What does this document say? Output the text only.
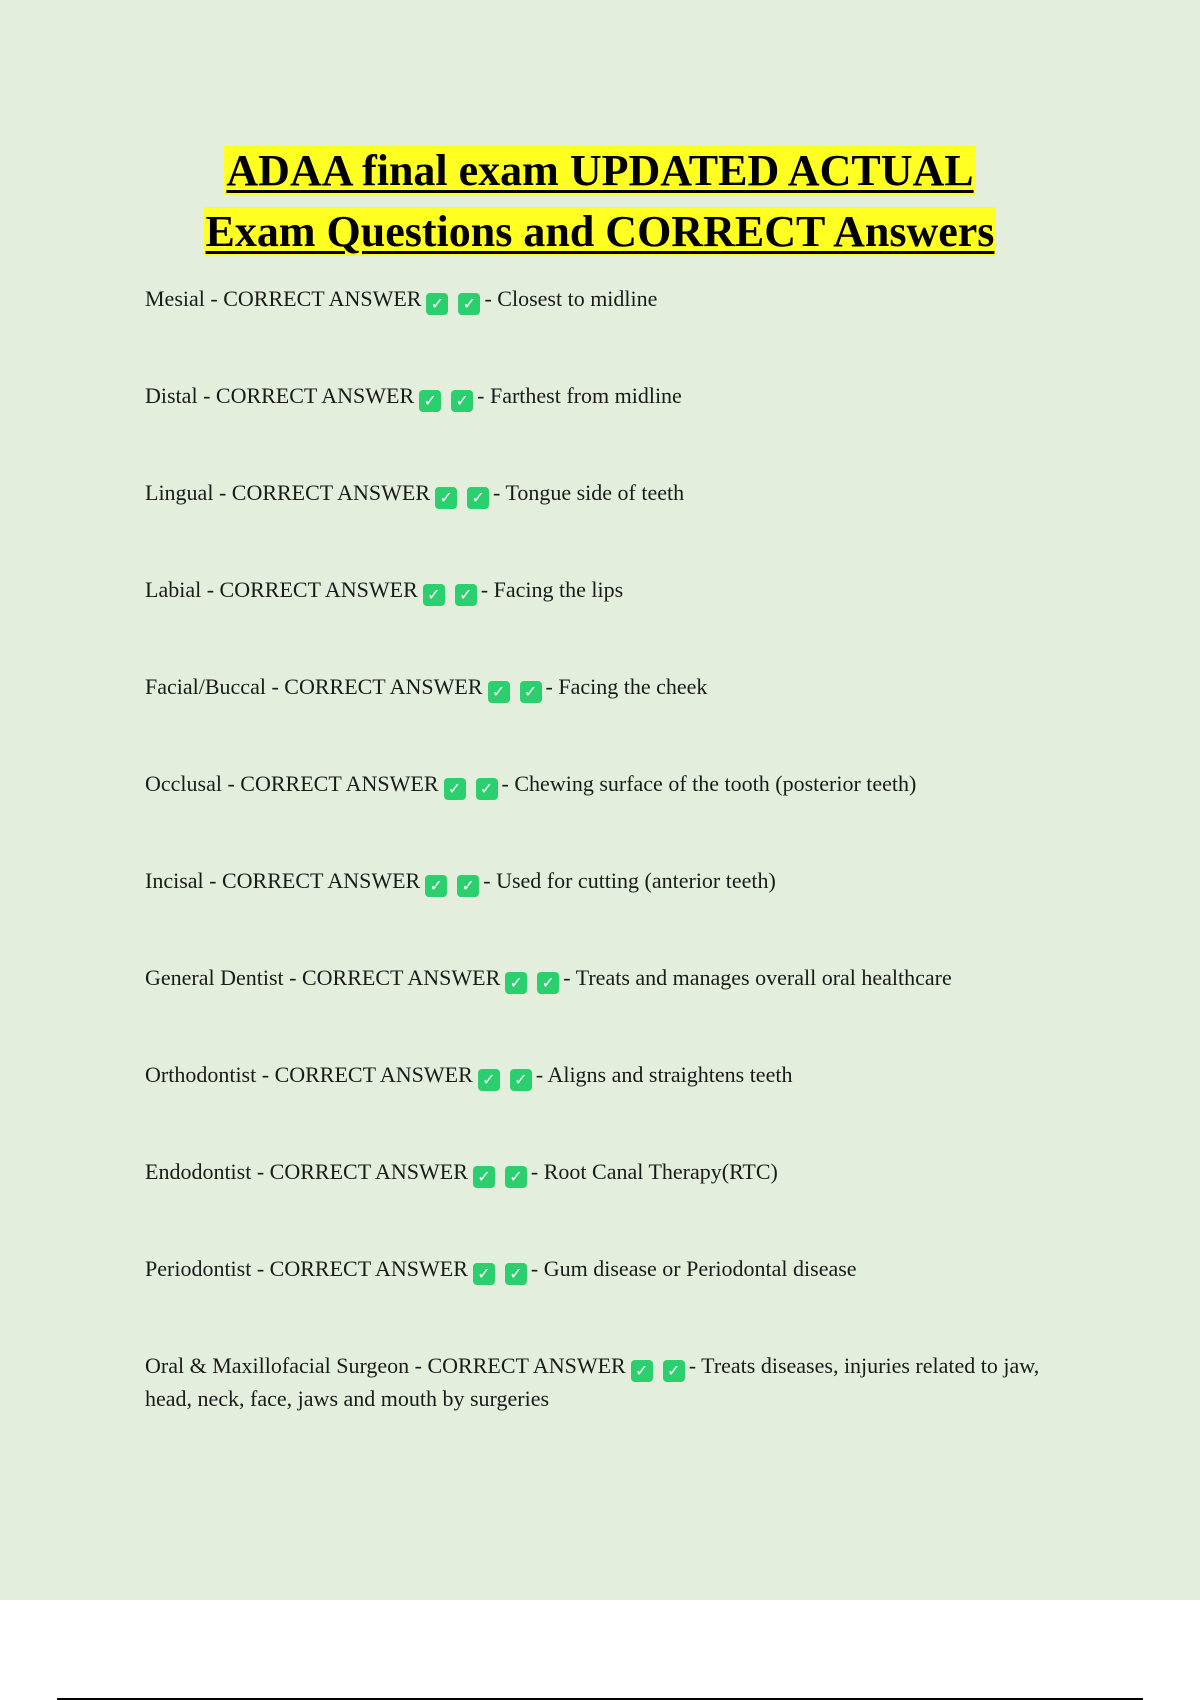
ADAA final exam UPDATED ACTUAL
Exam Questions and CORRECT Answers
Mesial - CORRECT ANSWER ✓ ✓ - Closest to midline
Distal - CORRECT ANSWER ✓ ✓ - Farthest from midline
Lingual - CORRECT ANSWER ✓ ✓ - Tongue side of teeth
Labial - CORRECT ANSWER ✓ ✓ - Facing the lips
Facial/Buccal - CORRECT ANSWER ✓ ✓ - Facing the cheek
Occlusal - CORRECT ANSWER ✓ ✓ - Chewing surface of the tooth (posterior teeth)
Incisal - CORRECT ANSWER ✓ ✓ - Used for cutting (anterior teeth)
General Dentist - CORRECT ANSWER ✓ ✓ - Treats and manages overall oral healthcare
Orthodontist - CORRECT ANSWER ✓ ✓ - Aligns and straightens teeth
Endodontist - CORRECT ANSWER ✓ ✓ - Root Canal Therapy(RTC)
Periodontist - CORRECT ANSWER ✓ ✓ - Gum disease or Periodontal disease
Oral & Maxillofacial Surgeon - CORRECT ANSWER ✓ ✓ - Treats diseases, injuries related to jaw, head, neck, face, jaws and mouth by surgeries
